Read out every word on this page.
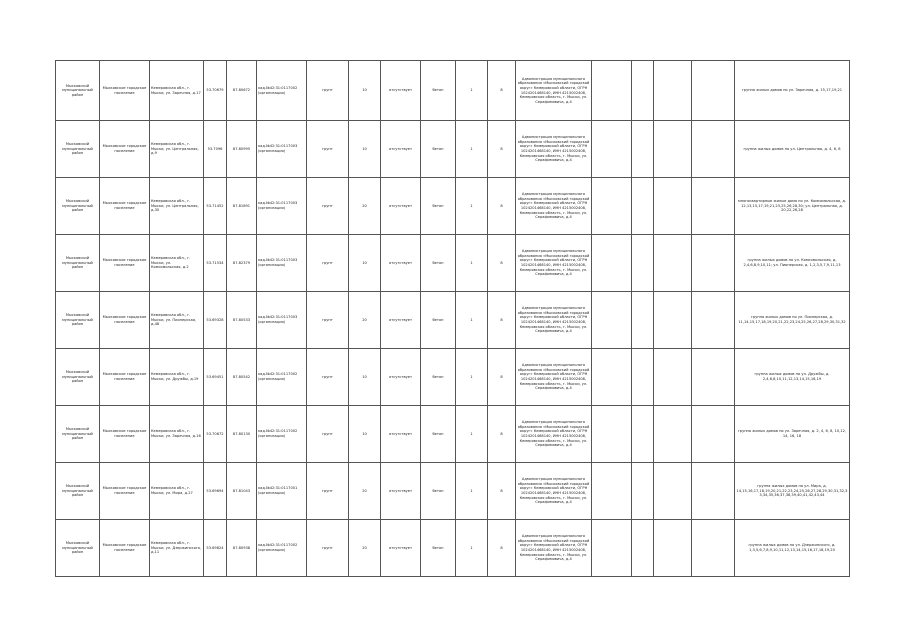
Мысковский муниципальный район	Мысковское городское поселение	Кемеровская обл., г. Мыски, ул. Заречная, д.17	53.70679	87.80672	кад.№42:31:0117002 (организация)	грунт	10	отсутствует	бетон	1	8	Администрация муниципального образования «Мысковский городской округ» Кемеровской области, ОГРН 1024201468140, ИНН 4215002408, Кемеровская область, г. Мыски, ул. Серафимовича, д.4					группа жилых домов по ул. Заречная, д. 15,17,19,21
Мысковский муниципальный район	Мысковское городское поселение	Кемеровская обл., г. Мыски, ул. Центральная, д.9	53.7096	87.80995	кад.№42:31:0117003 (организация)	грунт	10	отсутствует	бетон	1	8	Администрация муниципального образования «Мысковский городской округ» Кемеровской области, ОГРН 1024201468140, ИНН 4215002408, Кемеровская область, г. Мыски, ул. Серафимовича, д.4					группа жилых домов по ул. Центральная, д. 4, 6, 8
Мысковский муниципальный район	Мысковское городское поселение	Кемеровская обл., г. Мыски, ул. Центральная, д.30	53.71452	87.81891	кад.№42:31:0117003 (организация)	грунт	20	отсутствует	бетон	1	8	Администрация муниципального образования «Мысковский городской округ» Кемеровской области, ОГРН 1024201468140, ИНН 4215002408, Кемеровская область, г. Мыски, ул. Серафимовича, д.4					многоквартирные жилые дома по ул. Комсомольская, д. 12,13,15,17,19,21,23,25,26,28,30; ул. Центральная, д. 20,22,26,28
Мысковский муниципальный район	Мысковское городское поселение	Кемеровская обл., г. Мыски, ул. Комсомольская, д.2	53.71534	87.82379	кад.№42:31:0117003 (организация)	грунт	10	отсутствует	бетон	1	8	Администрация муниципального образования «Мысковский городской округ» Кемеровской области, ОГРН 1024201468140, ИНН 4215002408, Кемеровская область, г. Мыски, ул. Серафимовича, д.4					группа жилых домов по ул. Комсомольская, д. 2,4,6,8,9,10,11; ул. Пионерская, д. 1,2,3,5,7,9,11,13
Мысковский муниципальный район	Мысковское городское поселение	Кемеровская обл., г. Мыски, ул. Пионерская, д.48	53.69328	87.80533	кад.№42:31:0117003 (организация)	грунт	20	отсутствует	бетон	1	8	Администрация муниципального образования «Мысковский городской округ» Кемеровской области, ОГРН 1024201468140, ИНН 4215002408, Кемеровская область, г. Мыски, ул. Серафимовича, д.4					группа жилых домов по ул. Пионерская, д. 11,14,15,17,18,19,20,21,22,23,24,25,26,27,28,29,30,31,32
Мысковский муниципальный район	Мысковское городское поселение	Кемеровская обл., г. Мыски, ул. Дружбы, д.19	53.69451	87.80542	кад.№42:31:0117002 (организация)	грунт	10	отсутствует	бетон	1	8	Администрация муниципального образования «Мысковский городской округ» Кемеровской области, ОГРН 1024201468140, ИНН 4215002408, Кемеровская область, г. Мыски, ул. Серафимовича, д.4					группа жилых домов по ул. Дружбы, д. 2,4,6,8,10,11,12,13,14,15,16,19
Мысковский муниципальный район	Мысковское городское поселение	Кемеровская обл., г. Мыски, ул. Заречная, д.16	53.70672	87.80130	кад.№42:31:0117002 (организация)	грунт	10	отсутствует	бетон	1	8	Администрация муниципального образования «Мысковский городской округ» Кемеровской области, ОГРН 1024201468140, ИНН 4215002408, Кемеровская область, г. Мыски, ул. Серафимовича, д.4					группа жилых домов по ул. Заречная, д. 2, 4, 6, 8, 10,12, 14, 16, 18
Мысковский муниципальный район	Мысковское городское поселение	Кемеровская обл., г. Мыски, ул. Мира, д.27	53.69694	87.81043	кад.№42:31:0117001 (организация)	грунт	20	отсутствует	бетон	1	8	Администрация муниципального образования «Мысковский городской округ» Кемеровской области, ОГРН 1024201468140, ИНН 4215002408, Кемеровская область, г. Мыски, ул. Серафимовича, д.4					группа жилых домов по ул. Мира, д. 14,15,16,17,18,19,20,21,22,23,24,25,26,27,28,29,30,31,32,33,34,35,36,37,38,39,40,41,42,43,44
Мысковский муниципальный район	Мысковское городское поселение	Кемеровская обл., г. Мыски, ул. Дзержинского, д.11	53.69824	87.80938	кад.№42:31:0117002 (организация)	грунт	20	отсутствует	бетон	1	8	Администрация муниципального образования «Мысковский городской округ» Кемеровской области, ОГРН 1024201468140, ИНН 4215002408, Кемеровская область, г. Мыски, ул. Серафимовича, д.4					группа жилых домов по ул. Дзержинского, д. 1,3,5,6,7,8,9,10,11,12,13,14,15,16,17,18,19,20
